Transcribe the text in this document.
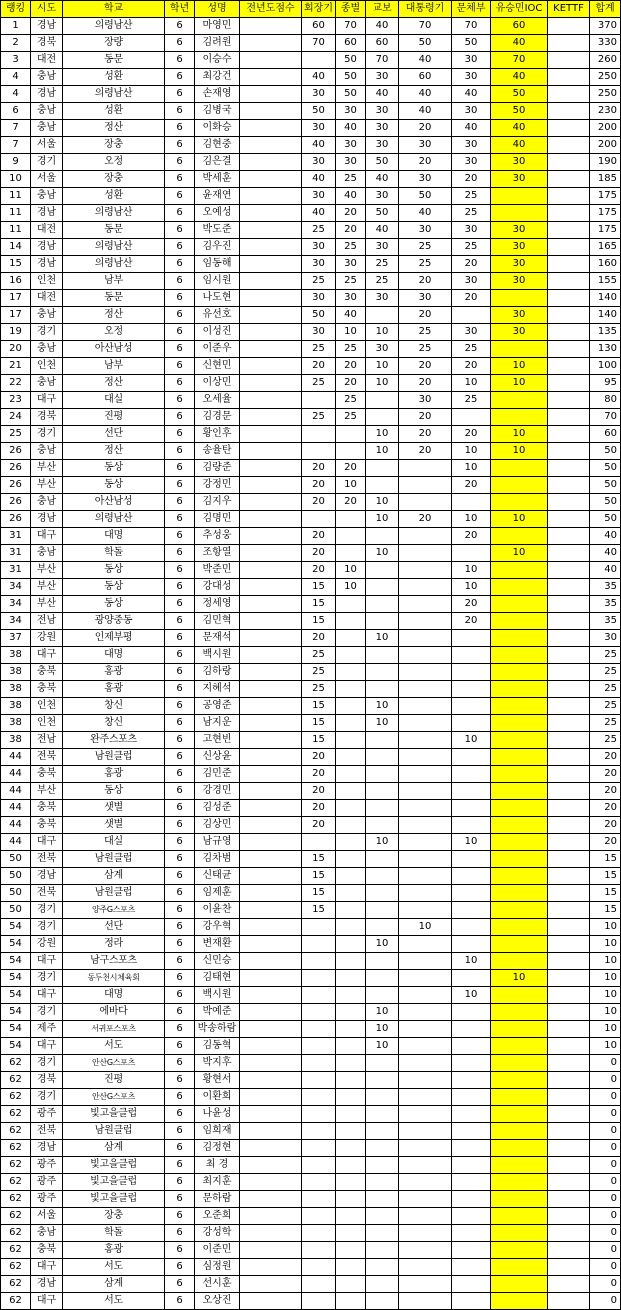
랭킹	시도	학교	학년	성명	전년도점수	회장기	종별	교보	대통령기	문체부	유승민IOC	KETTF	합계
1	경남	의령남산	6	마영민		60	70	40	70	70	60		370
2	경북	장량	6	김려원		70	60	60	50	50	40		330
3	대전	동문	6	이승수			50	70	40	30	70		260
4	충남	성환	6	최강건		40	50	30	60	30	40		250
4	경남	의령남산	6	손재영		30	50	40	40	40	50		250
6	충남	성환	6	김병국		50	30	30	40	30	50		230
7	충남	정산	6	이화승		30	40	30	20	40	40		200
7	서울	장충	6	김현중		40	30	30	30	30	40		200
9	경기	오정	6	김은결		30	30	50	20	30	30		190
10	서울	장충	6	박세훈		40	25	40	30	20	30		185
11	충남	성환	6	윤재연		30	40	30	50	25			175
11	경남	의령남산	6	오예성		40	20	50	40	25			175
11	대전	동문	6	박도준		25	20	40	30	30	30		175
14	경남	의령남산	6	김우진		30	25	30	25	25	30		165
15	경남	의령남산	6	임동해		30	30	25	25	20	30		160
16	인천	남부	6	임시원		25	25	25	20	30	30		155
17	대전	동문	6	나도현		30	30	30	30	20			140
17	충남	정산	6	유선호		50	40		20		30		140
19	경기	오정	6	이성진		30	10	10	25	30	30		135
20	충남	아산남성	6	이준우		25	25	30	25	25			130
21	인천	남부	6	신현민		20	20	10	20	20	10		100
22	충남	정산	6	이상민		25	20	10	20	10	10		95
23	대구	대실	6	오세율			25		30	25			80
24	경북	진평	6	김경문		25	25		20				70
25	경기	선단	6	황인후				10	20	20	10		60
26	충남	정산	6	송율탄				10	20	10	10		50
26	부산	동상	6	김량준		20	20			10			50
26	부산	동상	6	강정민		20	10			20			50
26	충남	아산남성	6	김지우		20	20	10					50
26	경남	의령남산	6	김명민				10	20	10	10		50
31	대구	대명	6	추성웅		20				20			40
31	충남	학돌	6	조항열		20		10			10		40
31	부산	동상	6	박준민		20	10			10			40
34	부산	동상	6	강대성		15	10			10			35
34	부산	동상	6	정세영		15				20			35
34	전남	광양중동	6	김민혁		15				20			35
37	강원	인제부평	6	문재석		20		10					30
38	대구	대명	6	백시원		25							25
38	충북	홍광	6	김하랑		25							25
38	충북	홍광	6	지혜석		25							25
38	인천	창신	6	공영준		15		10					25
38	인천	창신	6	남지운		15		10					25
38	전남	완주스포츠	6	고현빈		15				10			25
44	전북	남원클럽	6	신상윤		20							20
44	충북	홍광	6	김민준		20							20
44	부산	동상	6	강경민		20							20
44	충북	샛별	6	김성준		20							20
44	충북	샛별	6	김상민		20							20
44	대구	대실	6	남규영				10		10			20
50	전북	남원클럽	6	김차범		15							15
50	경남	삼계	6	신태균		15							15
50	전북	남원클럽	6	임제훈		15							15
50	경기	양주G스포츠	6	이윤찬		15							15
54	경기	선단	6	강우혁					10				10
54	강원	정라	6	변재환				10					10
54	대구	남구스포츠	6	신민승						10			10
54	경기	동두천시체육회	6	김태현							10		10
54	대구	대명	6	백시원						10			10
54	경기	에바다	6	박예준				10					10
54	제주	서귀포스포츠	6	박송하람				10					10
54	대구	서도	6	김동혁				10					10
62	경기	안산G스포츠	6	박지후									0
62	경북	진평	6	황현서									0
62	경기	안산G스포츠	6	이환희									0
62	광주	빛고을클럽	6	나윤성									0
62	전북	남원클럽	6	임희재									0
62	경남	삼계	6	김정현									0
62	광주	빛고을클럽	6	최 경									0
62	광주	빛고을클럽	6	최지훈									0
62	광주	빛고을클럽	6	문하람									0
62	서울	장충	6	오준희									0
62	충남	학돌	6	강성학									0
62	충북	홍광	6	이준민									0
62	대구	서도	6	심정원									0
62	경남	삼계	6	선시훈									0
62	대구	서도	6	오상진									0
